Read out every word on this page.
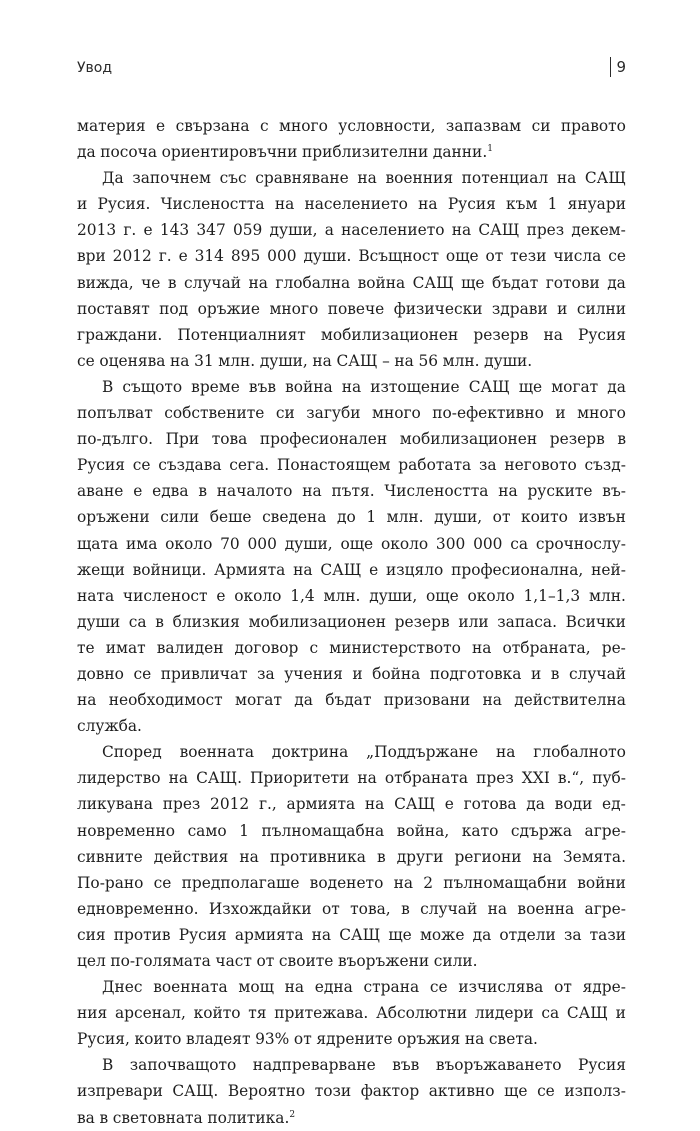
Увод	9
материя е свързана с много условности, запазвам си правото
да посоча ориентировъчни приблизителни данни.$^1$
Да започнем със сравняване на военния потенциал на САЩ
и Русия. Числеността на населението на Русия към 1 януари
2013 г. е 143 347 059 души, а населението на САЩ през декем-
ври 2012 г. е 314 895 000 души. Всъщност още от тези числа се
вижда, че в случай на глобална война САЩ ще бъдат готови да
поставят под оръжие много повече физически здрави и силни
граждани. Потенциалният мобилизационен резерв на Русия
се оценява на 31 млн. души, на САЩ – на 56 млн. души.
В същото време във война на изтощение САЩ ще могат да
попълват собствените си загуби много по-ефективно и много
по-дълго. При това професионален мобилизационен резерв в
Русия се създава сега. Понастоящем работата за неговото създ-
аване е едва в началото на пътя. Числеността на руските въ-
оръжени сили беше сведена до 1 млн. души, от които извън
щата има около 70 000 души, още около 300 000 са срочнослу-
жещи войници. Армията на САЩ е изцяло професионална, ней-
ната численост е около 1,4 млн. души, още около 1,1–1,3 млн.
души са в близкия мобилизационен резерв или запаса. Всички
те имат валиден договор с министерството на отбраната, ре-
довно се привличат за учения и бойна подготовка и в случай
на необходимост могат да бъдат призовани на действителна
служба.
Според военната доктрина „Поддържане на глобалното
лидерство на САЩ. Приоритети на отбраната през XXI в.“, пуб-
ликувана през 2012 г., армията на САЩ е готова да води ед-
новременно само 1 пълномащабна война, като сдържа агре-
сивните действия на противника в други региони на Земята.
По-рано се предполагаше воденето на 2 пълномащабни войни
едновременно. Изхождайки от това, в случай на военна агре-
сия против Русия армията на САЩ ще може да отдели за тази
цел по-голямата част от своите въоръжени сили.
Днес военната мощ на една страна се изчислява от ядре-
ния арсенал, който тя притежава. Абсолютни лидери са САЩ и
Русия, които владеят 93% от ядрените оръжия на света.
В започващото надпреварване във въоръжаването Русия
изпревари САЩ. Вероятно този фактор активно ще се използ-
ва в световната политика.$^2$
